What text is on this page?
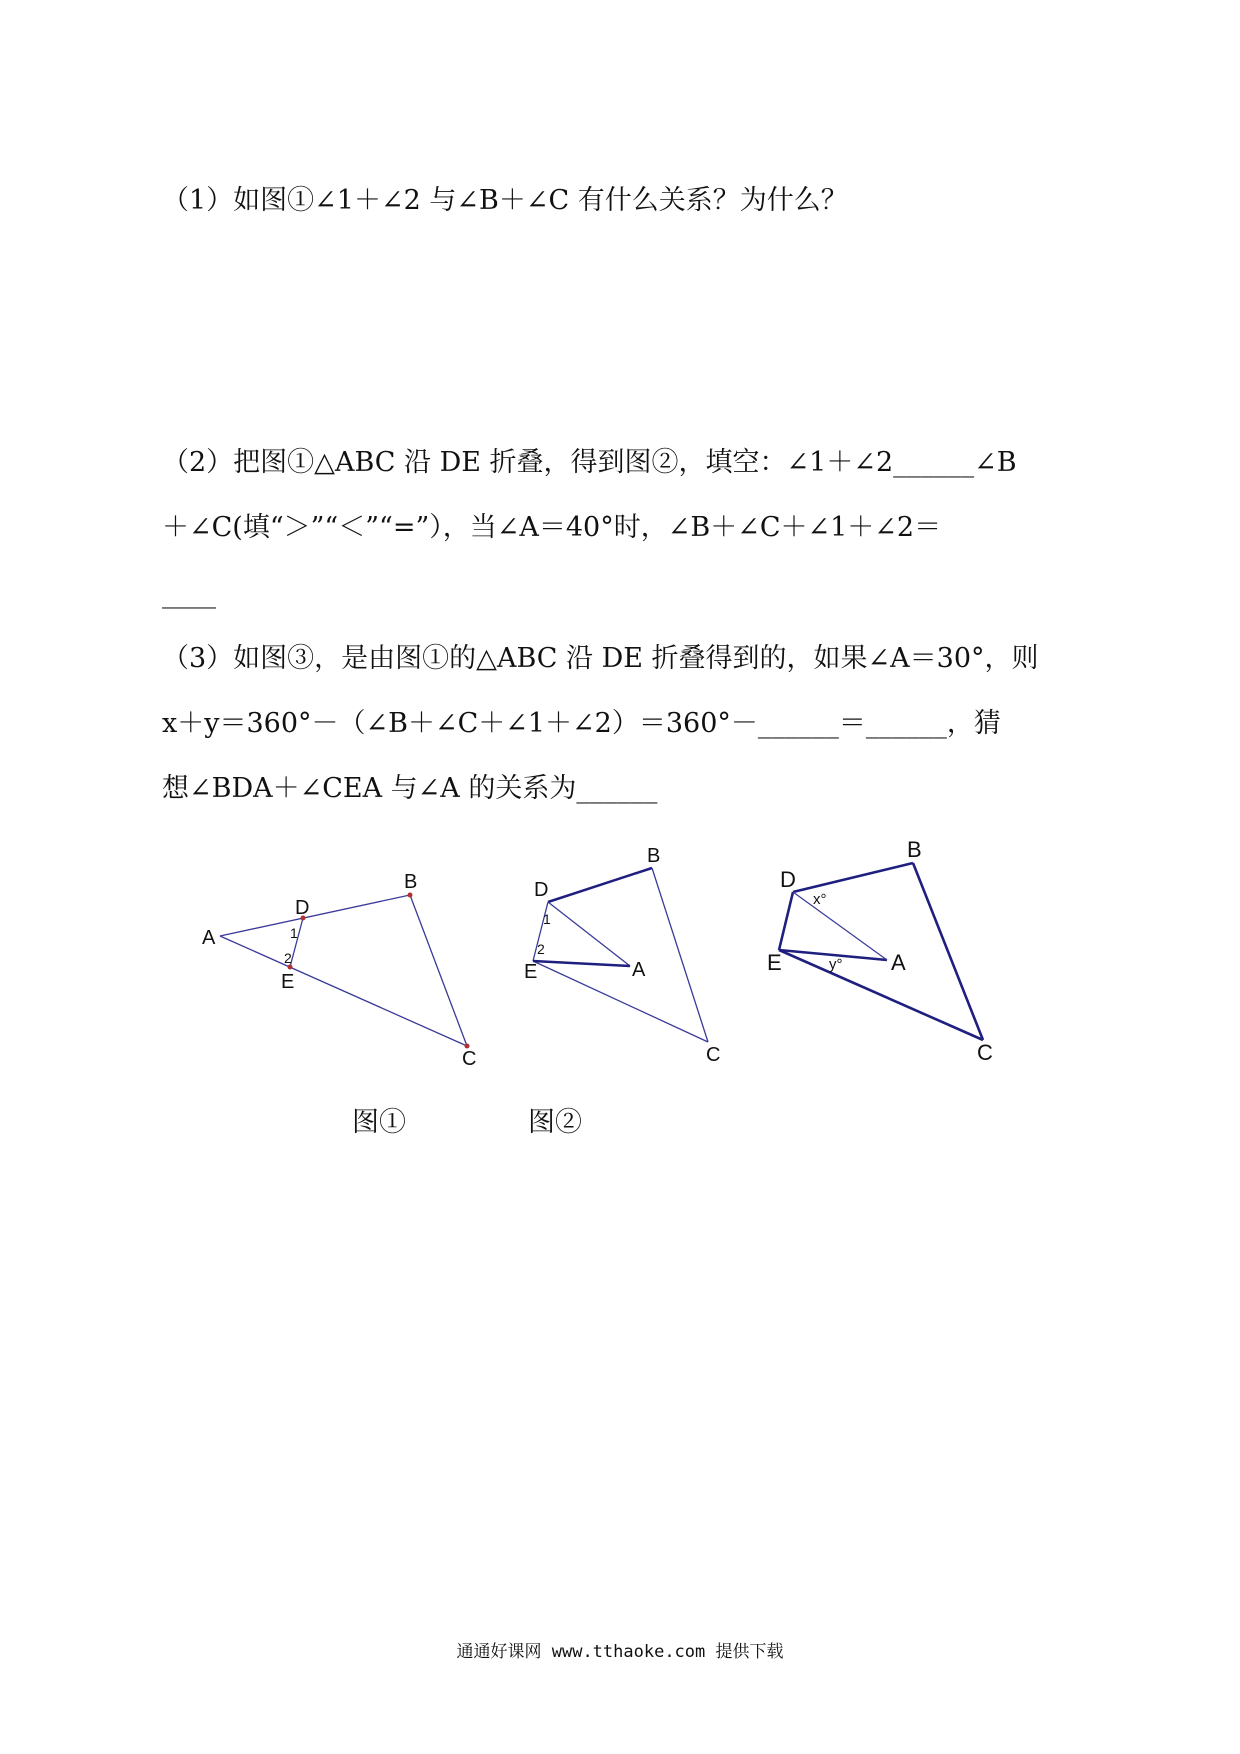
（1）如图①∠1＋∠2 与∠B＋∠C 有什么关系？为什么？
（2）把图①△ABC 沿 DE 折叠，得到图②，填空：∠1＋∠2______∠B
＋∠C(填“＞”“＜”“=”），当∠A＝40°时，∠B＋∠C＋∠1＋∠2＝
____
（3）如图③，是由图①的△ABC 沿 DE 折叠得到的，如果∠A＝30°，则
x＋y＝360°－（∠B＋∠C＋∠1＋∠2）＝360°－______＝______，猜
想∠BDA＋∠CEA 与∠A 的关系为______
A
B
C
D
E
1
2
D
B
C
E	A
1
2
D
B
C
E	A
x°
y°
图①	图②
通通好课网 www.tthaoke.com 提供下载
